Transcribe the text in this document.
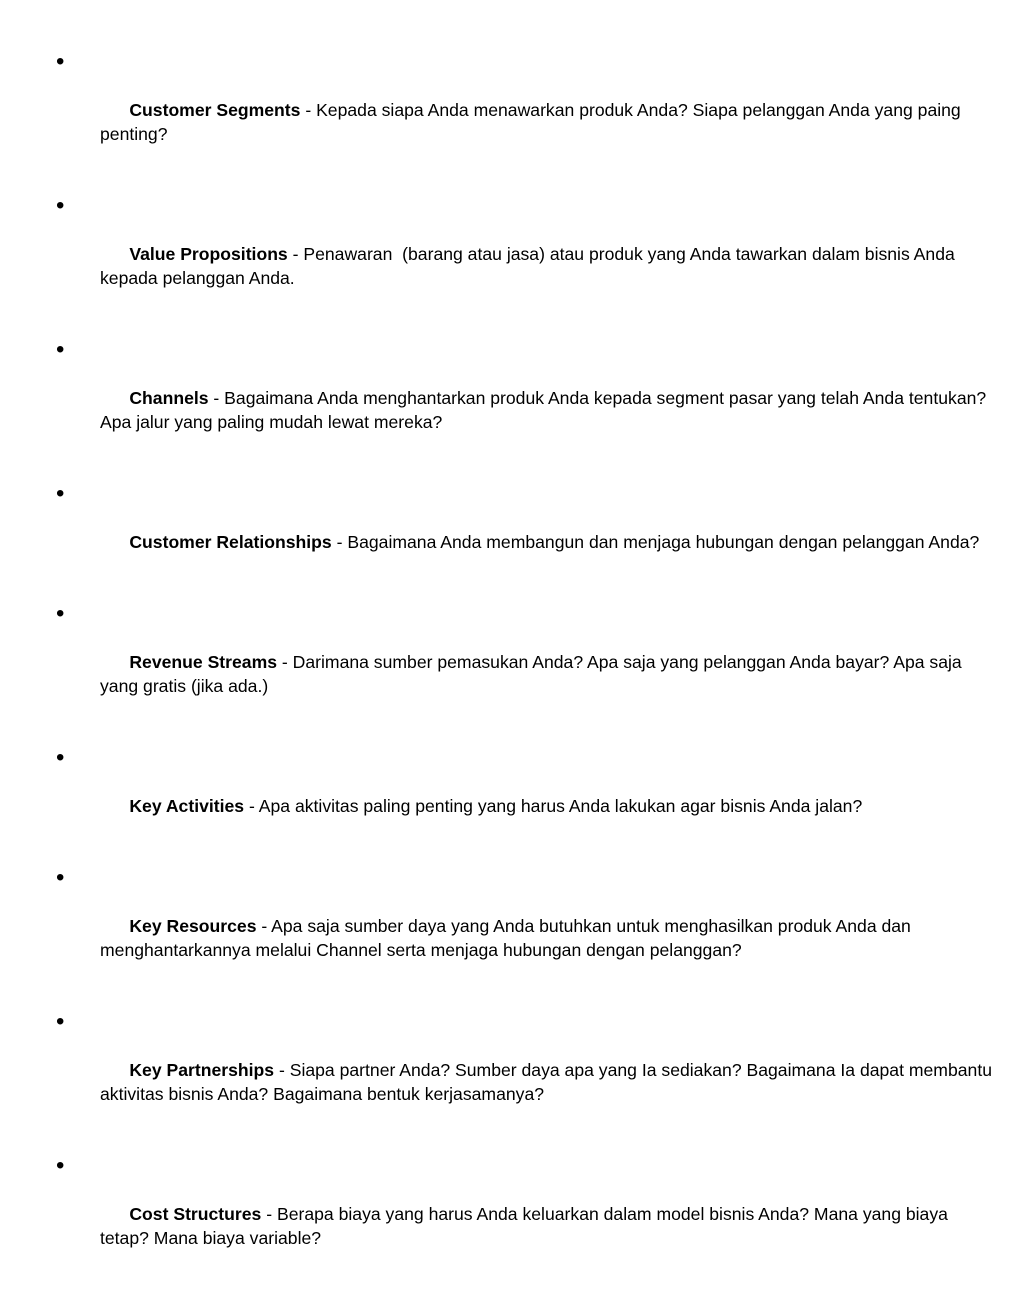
•

Customer Segments - Kepada siapa Anda menawarkan produk Anda? Siapa pelanggan Anda yang paing penting?

•

Value Propositions - Penawaran  (barang atau jasa) atau produk yang Anda tawarkan dalam bisnis Anda kepada pelanggan Anda.

•

Channels - Bagaimana Anda menghantarkan produk Anda kepada segment pasar yang telah Anda tentukan? Apa jalur yang paling mudah lewat mereka?

•

Customer Relationships - Bagaimana Anda membangun dan menjaga hubungan dengan pelanggan Anda?

•

Revenue Streams - Darimana sumber pemasukan Anda? Apa saja yang pelanggan Anda bayar? Apa saja yang gratis (jika ada.)

•

Key Activities - Apa aktivitas paling penting yang harus Anda lakukan agar bisnis Anda jalan?

•

Key Resources - Apa saja sumber daya yang Anda butuhkan untuk menghasilkan produk Anda dan menghantarkannya melalui Channel serta menjaga hubungan dengan pelanggan?

•

Key Partnerships - Siapa partner Anda? Sumber daya apa yang Ia sediakan? Bagaimana Ia dapat membantu aktivitas bisnis Anda? Bagaimana bentuk kerjasamanya?

•

Cost Structures - Berapa biaya yang harus Anda keluarkan dalam model bisnis Anda? Mana yang biaya tetap? Mana biaya variable?
